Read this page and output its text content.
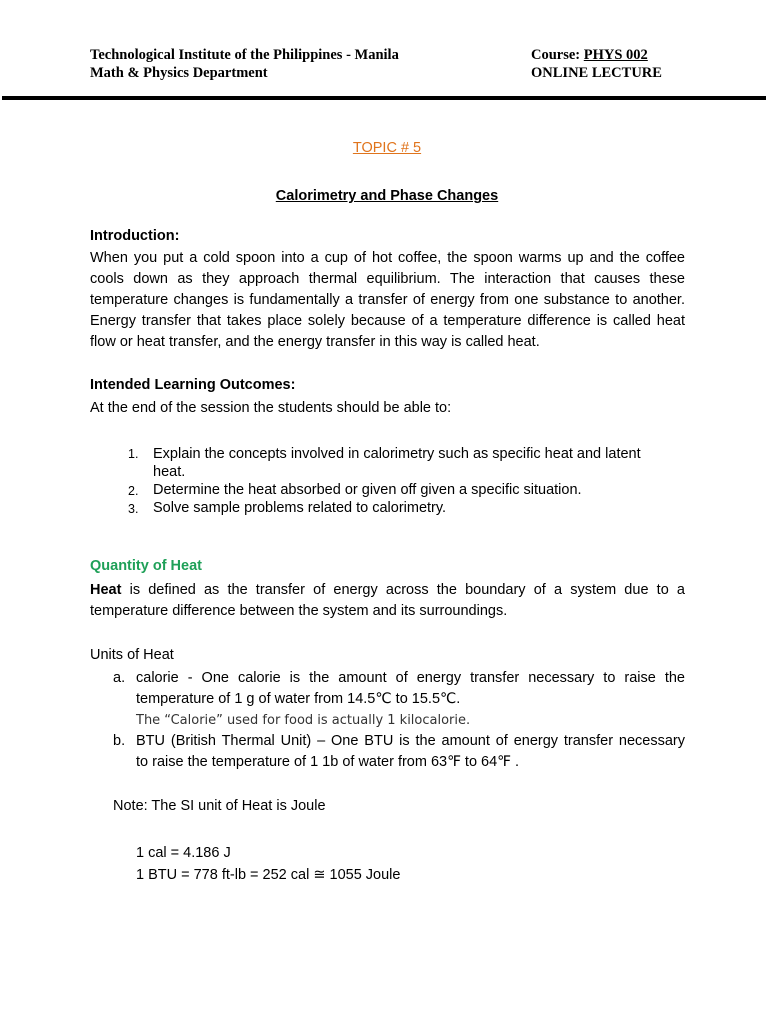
Technological Institute of the Philippines - Manila
Math & Physics Department
Course: PHYS 002
ONLINE LECTURE
TOPIC # 5
Calorimetry and Phase Changes
Introduction:
When you put a cold spoon into a cup of hot coffee, the spoon warms up and the coffee
cools down as they approach thermal equilibrium. The interaction that causes these
temperature changes is fundamentally a transfer of energy from one substance to another.
Energy transfer that takes place solely because of a temperature difference is called heat
flow or heat transfer, and the energy transfer in this way is called heat.
Intended Learning Outcomes:
At the end of the session the students should be able to:
1. Explain the concepts involved in calorimetry such as specific heat and latent
heat.
2. Determine the heat absorbed or given off given a specific situation.
3. Solve sample problems related to calorimetry.
Quantity of Heat
Heat is defined as the transfer of energy across the boundary of a system due to a
temperature difference between the system and its surroundings.
Units of Heat
a. calorie - One calorie is the amount of energy transfer necessary to raise the
temperature of 1 g of water from 14.5℃ to 15.5℃.
The “Calorie” used for food is actually 1 kilocalorie.
b. BTU (British Thermal Unit) – One BTU is the amount of energy transfer necessary
to raise the temperature of 1 1b of water from 63℉ to 64℉ .
Note: The SI unit of Heat is Joule
1 cal = 4.186 J
1 BTU = 778 ft-lb = 252 cal ≅ 1055 Joule
